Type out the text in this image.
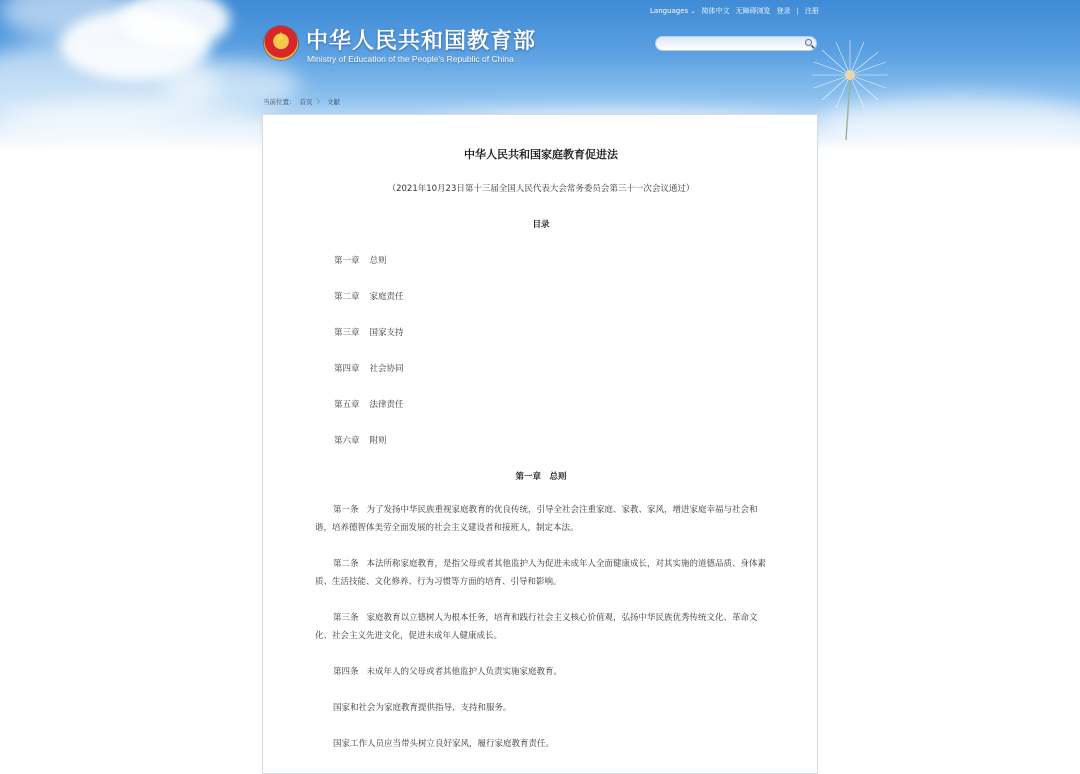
★
中华人民共和国教育部
Ministry of Education of the People's Republic of China
Languages ⌄ 简体中文 无障碍浏览 登录 | 注册
当前位置： 首页 〉 文献
中华人民共和国家庭教育促进法
（2021年10月23日第十三届全国人民代表大会常务委员会第三十一次会议通过）
目录
第一章 总则
第二章 家庭责任
第三章 国家支持
第四章 社会协同
第五章 法律责任
第六章 附则
第一章　总则

第一条 为了发扬中华民族重视家庭教育的优良传统，引导全社会注重家庭、家教、家风，增进家庭幸福与社会和谐，培养德智体美劳全面发展的社会主义建设者和接班人，制定本法。

第二条 本法所称家庭教育，是指父母或者其他监护人为促进未成年人全面健康成长，对其实施的道德品质、身体素质、生活技能、文化修养、行为习惯等方面的培育、引导和影响。

第三条 家庭教育以立德树人为根本任务，培育和践行社会主义核心价值观，弘扬中华民族优秀传统文化、革命文化、社会主义先进文化，促进未成年人健康成长。

第四条 未成年人的父母或者其他监护人负责实施家庭教育。

国家和社会为家庭教育提供指导、支持和服务。

国家工作人员应当带头树立良好家风，履行家庭教育责任。
